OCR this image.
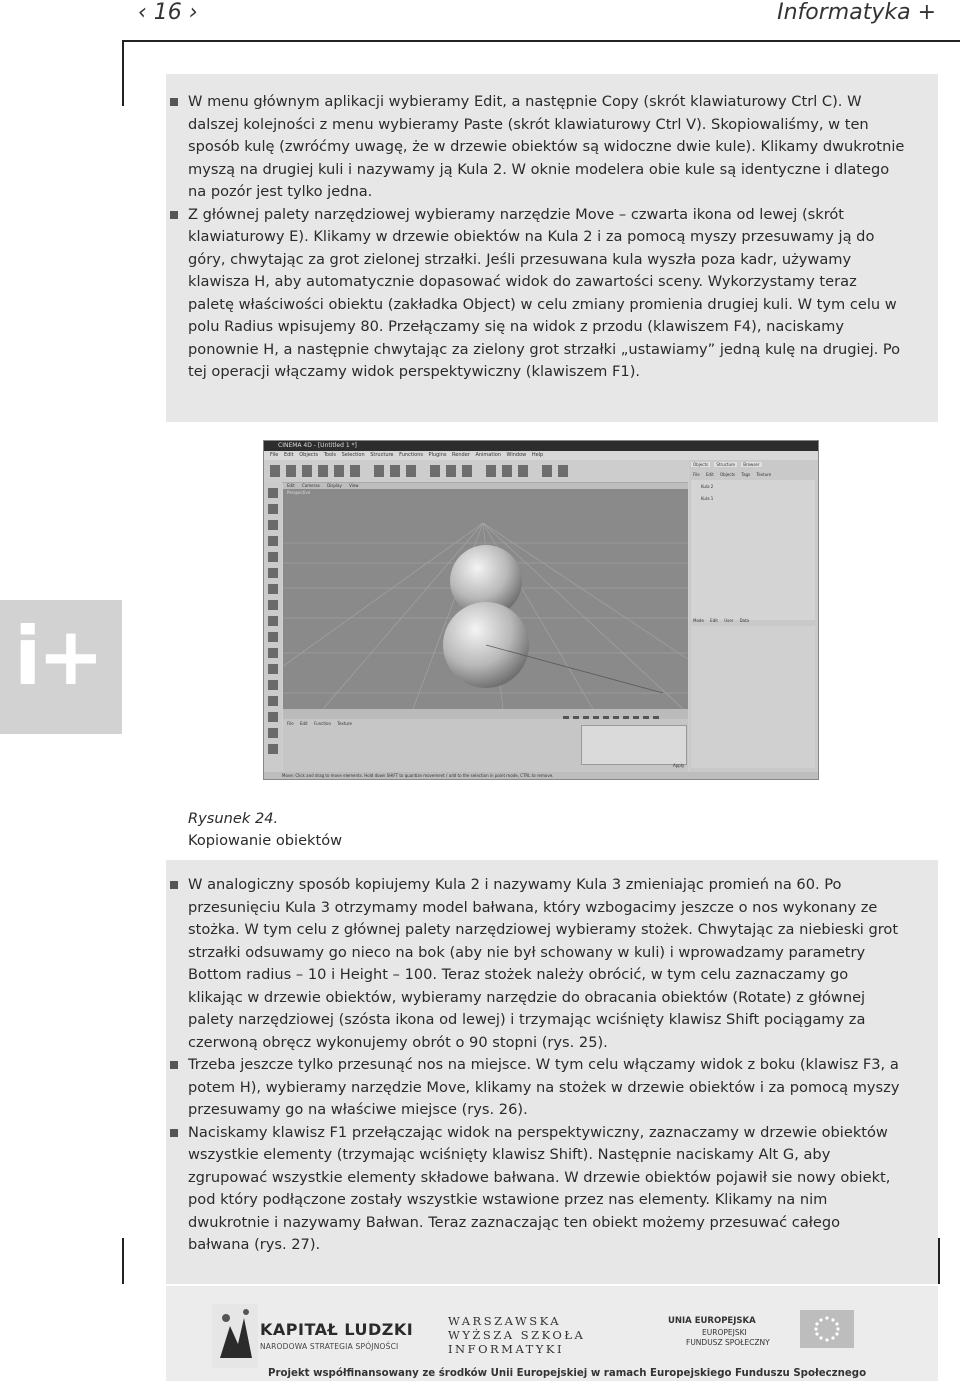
‹ 16 ›	Informatyka +
W menu głównym aplikacji wybieramy Edit, a następnie Copy (skrót klawiaturowy Ctrl C). W dalszej kolejności z menu wybieramy Paste (skrót klawiaturowy Ctrl V). Skopiowaliśmy, w ten sposób kulę (zwróćmy uwagę, że w drzewie obiektów są widoczne dwie kule). Klikamy dwukrotnie myszą na drugiej kuli i nazywamy ją Kula 2. W oknie modelera obie kule są identyczne i dlatego na pozór jest tylko jedna.
Z głównej palety narzędziowej wybieramy narzędzie Move – czwarta ikona od lewej (skrót klawiaturowy E). Klikamy w drzewie obiektów na Kula 2 i za pomocą myszy przesuwamy ją do góry, chwytając za grot zielonej strzałki. Jeśli przesuwana kula wyszła poza kadr, używamy klawisza H, aby automatycznie dopasować widok do zawartości sceny. Wykorzystamy teraz paletę właściwości obiektu (zakładka Object) w celu zmiany promienia drugiej kuli. W tym celu w polu Radius wpisujemy 80. Przełączamy się na widok z przodu (klawiszem F4), naciskamy ponownie H, a następnie chwytając za zielony grot strzałki „ustawiamy” jedną kulę na drugiej. Po tej operacji włączamy widok perspektywiczny (klawiszem F1).
i+
CINEMA 4D - [Untitled 1 *]
File Edit Objects Tools Selection Structure Functions Plugins Render Animation Window Help
Edit Cameras Display View
Perspective
File Edit Function Texture
Apply
Objects Structure Browser
File Edit Objects Tags Texture
Kula 2
Kula 1
Mode Edit User Data
Move: Click and drag to move elements. Hold down SHIFT to quantize movement / add to the selection in point mode, CTRL to remove.
Rysunek 24.
Kopiowanie obiektów
W analogiczny sposób kopiujemy Kula 2 i nazywamy Kula 3 zmieniając promień na 60. Po przesunięciu Kula 3 otrzymamy model bałwana, który wzbogacimy jeszcze o nos wykonany ze stożka. W tym celu z głównej palety narzędziowej wybieramy stożek. Chwytając za niebieski grot strzałki odsuwamy go nieco na bok (aby nie był schowany w kuli) i wprowadzamy parametry Bottom radius – 10 i Height – 100. Teraz stożek należy obrócić, w tym celu zaznaczamy go klikając w drzewie obiektów, wybieramy narzędzie do obracania obiektów (Rotate) z głównej palety narzędziowej (szósta ikona od lewej) i trzymając wciśnięty klawisz Shift pociągamy za czerwoną obręcz wykonujemy obrót o 90 stopni (rys. 25).
Trzeba jeszcze tylko przesunąć nos na miejsce. W tym celu włączamy widok z boku (klawisz F3, a potem H), wybieramy narzędzie Move, klikamy na stożek w drzewie obiektów i za pomocą myszy przesuwamy go na właściwe miejsce (rys. 26).
Naciskamy klawisz F1 przełączając widok na perspektywiczny, zaznaczamy w drzewie obiektów wszystkie elementy (trzymając wciśnięty klawisz Shift). Następnie naciskamy Alt G, aby zgrupować wszystkie elementy składowe bałwana. W drzewie obiektów pojawił sie nowy obiekt, pod który podłączone zostały wszystkie wstawione przez nas elementy. Klikamy na nim dwukrotnie i nazywamy Bałwan. Teraz zaznaczając ten obiekt możemy przesuwać całego bałwana (rys. 27).
KAPITAŁ LUDZKI
NARODOWA STRATEGIA SPÓJNOŚCI
WARSZAWSKA
WYŻSZA SZKOŁA
INFORMATYKI
UNIA EUROPEJSKA
EUROPEJSKI
FUNDUSZ SPOŁECZNY
Projekt współfinansowany ze środków Unii Europejskiej w ramach Europejskiego Funduszu Społecznego
